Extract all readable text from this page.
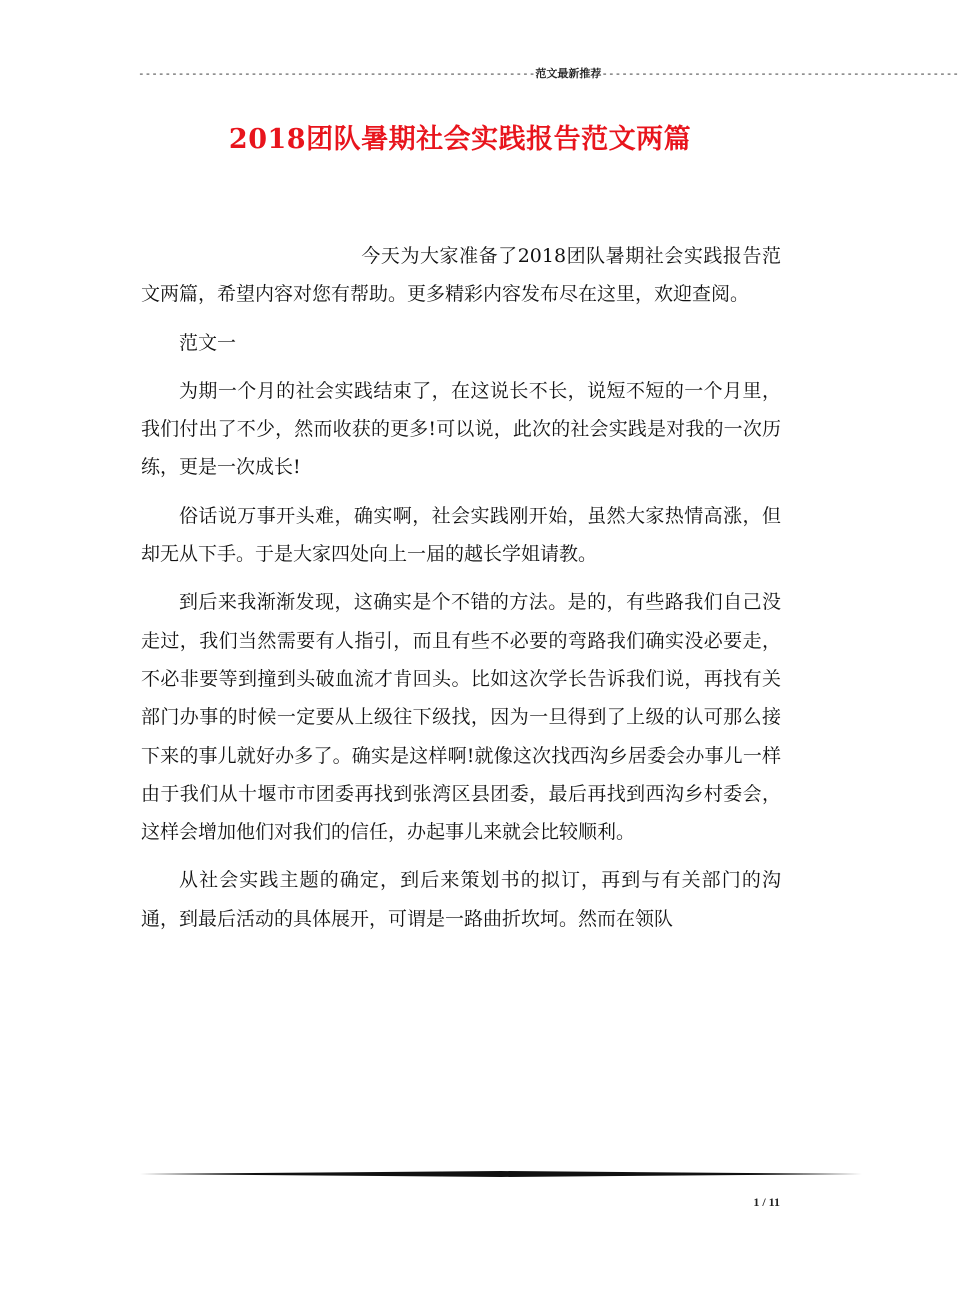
------------------------------------------------------------范文最新推荐------------------------------------------------------
2018团队暑期社会实践报告范文两篇

今天为大家准备了2018团队暑期社会实践报告范文两篇，希望内容对您有帮助。更多精彩内容发布尽在这里，欢迎查阅。

范文一

为期一个月的社会实践结束了，在这说长不长，说短不短的一个月里，我们付出了不少，然而收获的更多!可以说，此次的社会实践是对我的一次历练，更是一次成长!

俗话说万事开头难，确实啊，社会实践刚开始，虽然大家热情高涨，但却无从下手。于是大家四处向上一届的越长学姐请教。

到后来我渐渐发现，这确实是个不错的方法。是的，有些路我们自己没走过，我们当然需要有人指引，而且有些不必要的弯路我们确实没必要走，不必非要等到撞到头破血流才肯回头。比如这次学长告诉我们说，再找有关部门办事的时候一定要从上级往下级找，因为一旦得到了上级的认可那么接下来的事儿就好办多了。确实是这样啊!就像这次找西沟乡居委会办事儿一样由于我们从十堰市市团委再找到张湾区县团委，最后再找到西沟乡村委会，这样会增加他们对我们的信任，办起事儿来就会比较顺利。

从社会实践主题的确定，到后来策划书的拟订，再到与有关部门的沟通，到最后活动的具体展开，可谓是一路曲折坎坷。然而在领队

1 / 11
